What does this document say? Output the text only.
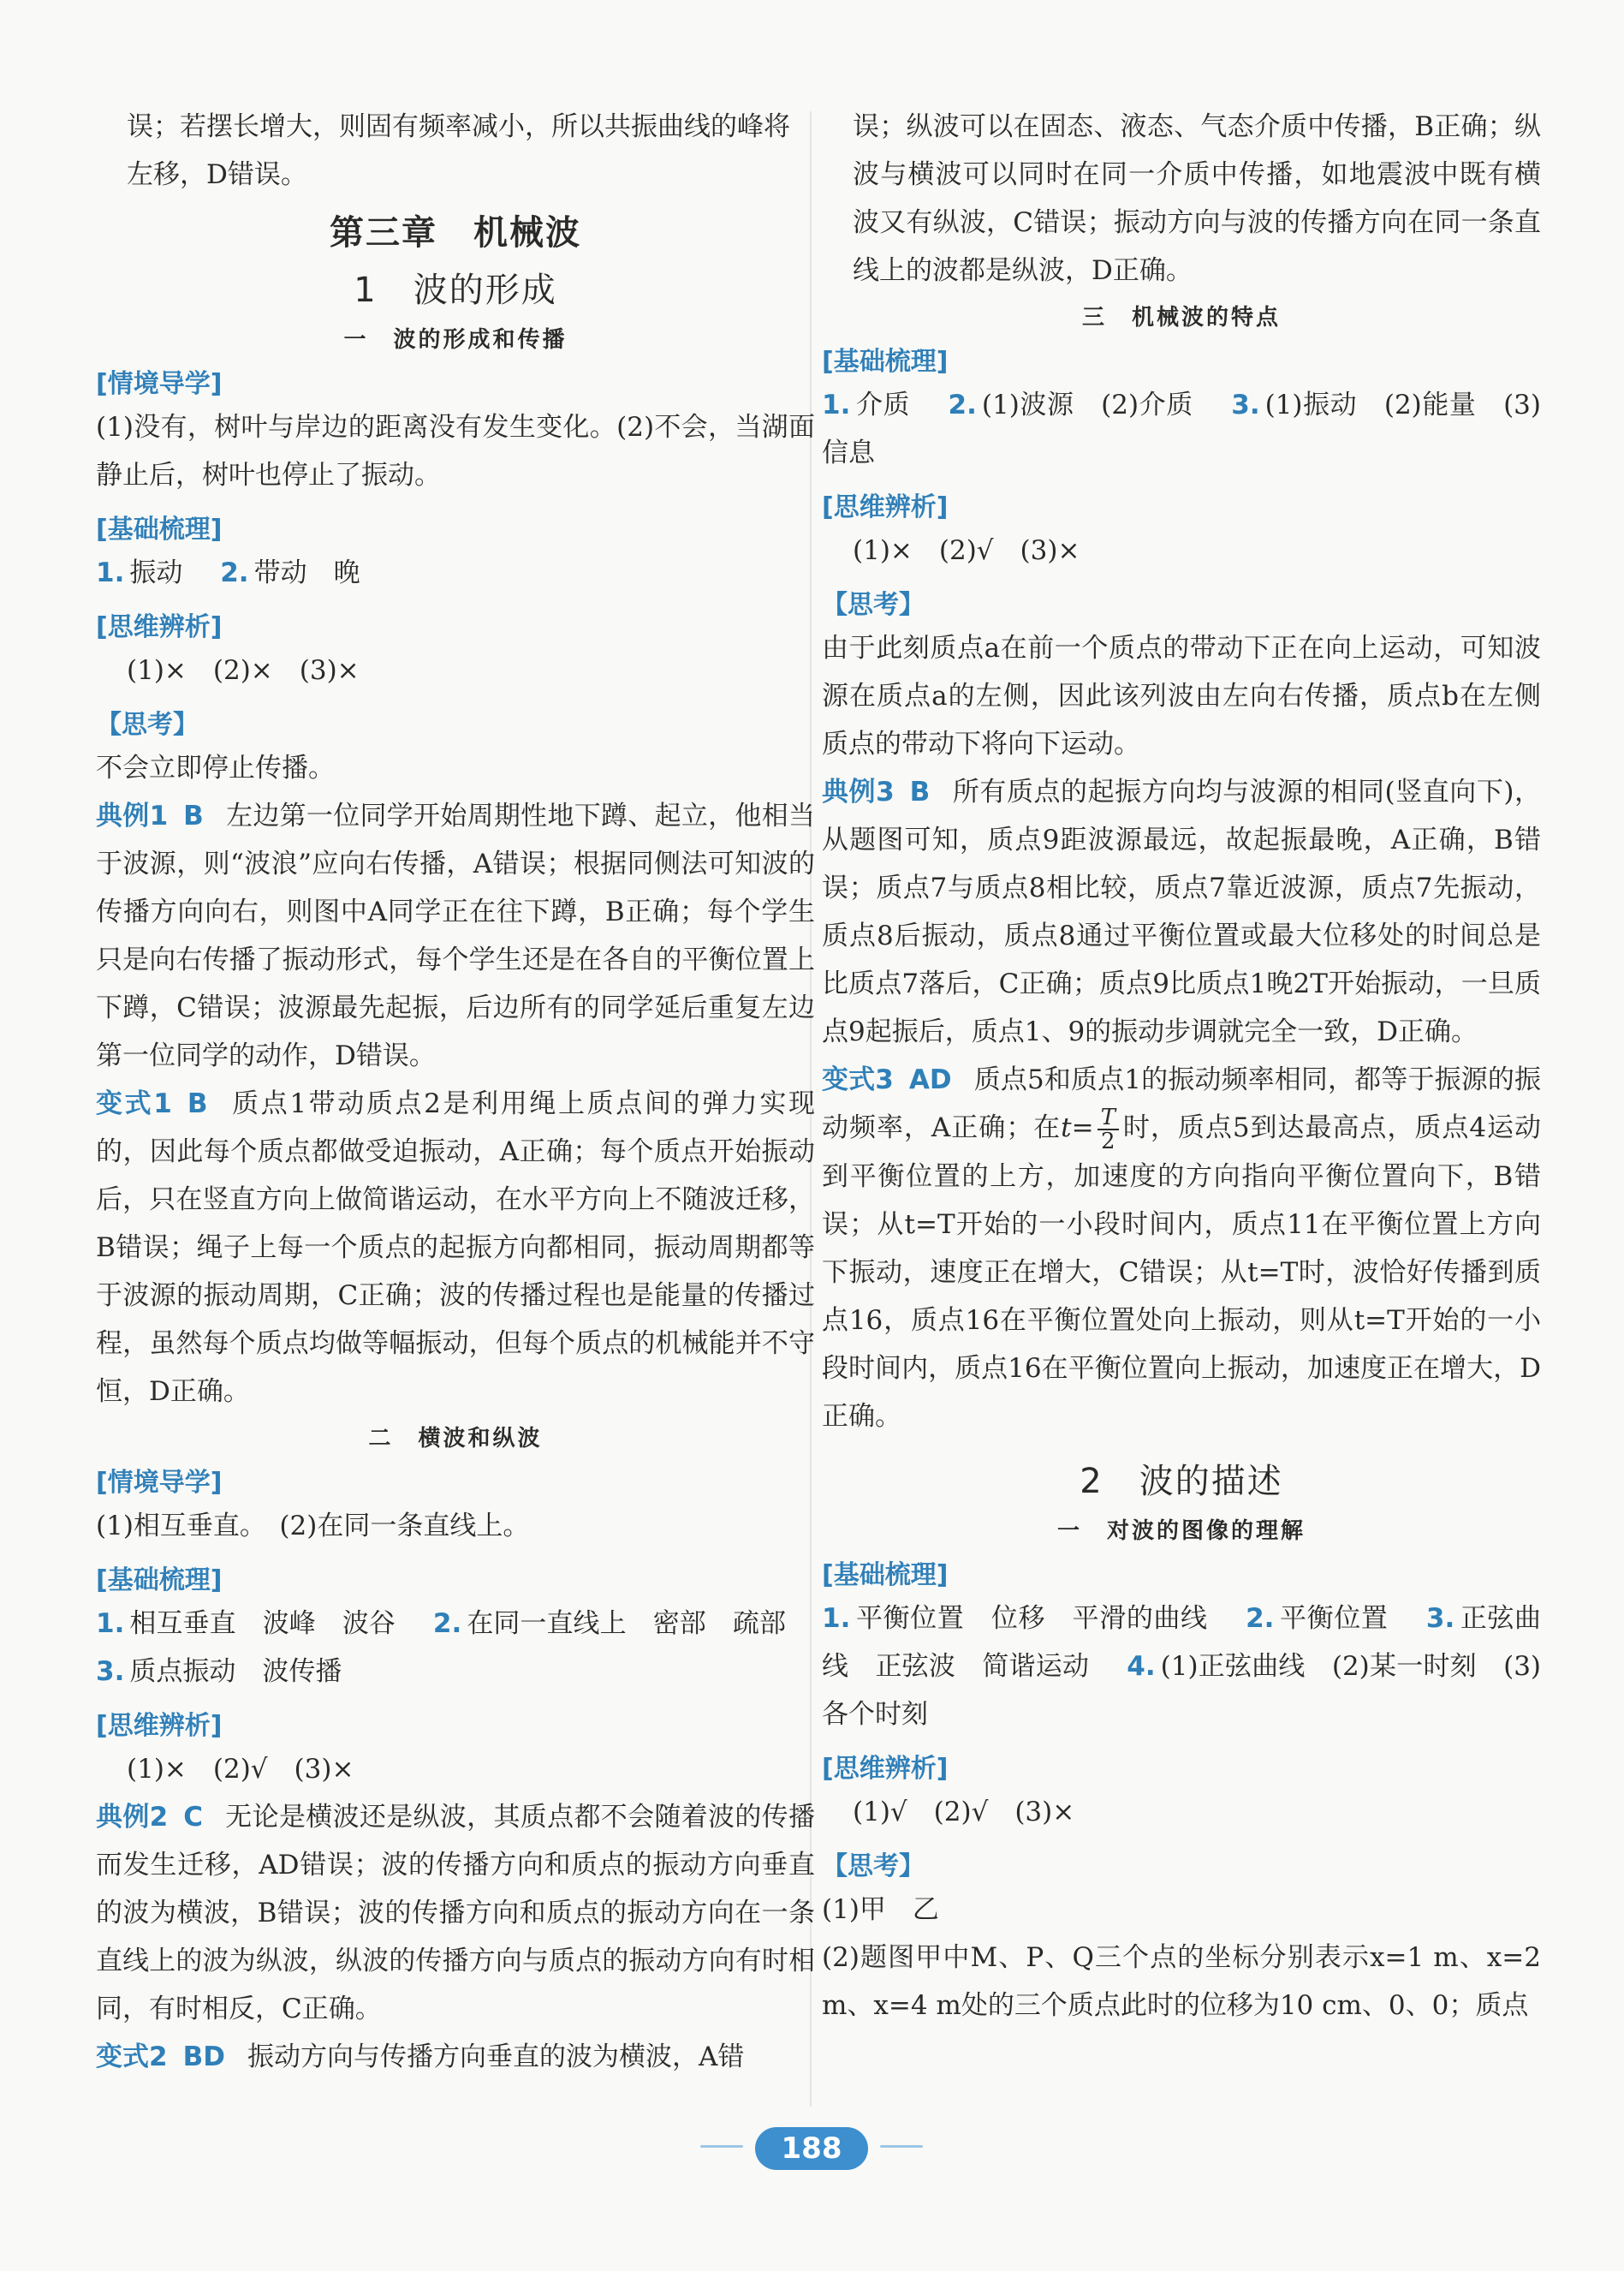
误；若摆长增大，则固有频率减小，所以共振曲线的峰将

左移，D错误。

第三章　机械波
1　波的形成
一　波的形成和传播
[情境导学]

(1)没有，树叶与岸边的距离没有发生变化。(2)不会，当湖面静止后，树叶也停止了振动。

[基础梳理]

1. 振动 2. 带动　晚

[思维辨析]

(1)×　(2)×　(3)×

【思考】

不会立即停止传播。

典例1 B 左边第一位同学开始周期性地下蹲、起立，他相当于波源，则“波浪”应向右传播，A错误；根据同侧法可知波的传播方向向右，则图中A同学正在往下蹲，B正确；每个学生只是向右传播了振动形式，每个学生还是在各自的平衡位置上下蹲，C错误；波源最先起振，后边所有的同学延后重复左边第一位同学的动作，D错误。

变式1 B 质点1带动质点2是利用绳上质点间的弹力实现的，因此每个质点都做受迫振动，A正确；每个质点开始振动后，只在竖直方向上做简谐运动，在水平方向上不随波迁移，B错误；绳子上每一个质点的起振方向都相同，振动周期都等于波源的振动周期，C正确；波的传播过程也是能量的传播过程，虽然每个质点均做等幅振动，但每个质点的机械能并不守恒，D正确。

二　横波和纵波
[情境导学]

(1)相互垂直。　(2)在同一条直线上。

[基础梳理]

1. 相互垂直　波峰　波谷 2. 在同一直线上　密部　疏部 3. 质点振动　波传播

[思维辨析]

(1)×　(2)√　(3)×

典例2 C 无论是横波还是纵波，其质点都不会随着波的传播而发生迁移，AD错误；波的传播方向和质点的振动方向垂直的波为横波，B错误；波的传播方向和质点的振动方向在一条直线上的波为纵波，纵波的传播方向与质点的振动方向有时相同，有时相反，C正确。

变式2 BD 振动方向与传播方向垂直的波为横波，A错

误；纵波可以在固态、液态、气态介质中传播，B正确；纵波与横波可以同时在同一介质中传播，如地震波中既有横波又有纵波，C错误；振动方向与波的传播方向在同一条直线上的波都是纵波，D正确。

三　机械波的特点
[基础梳理]

1. 介质 2. (1)波源　(2)介质 3. (1)振动　(2)能量　(3)信息

[思维辨析]

(1)×　(2)√　(3)×

【思考】

由于此刻质点a在前一个质点的带动下正在向上运动，可知波源在质点a的左侧，因此该列波由左向右传播，质点b在左侧质点的带动下将向下运动。

典例3 B 所有质点的起振方向均与波源的相同(竖直向下)，从题图可知，质点9距波源最远，故起振最晚，A正确，B错误；质点7与质点8相比较，质点7靠近波源，质点7先振动，质点8后振动，质点8通过平衡位置或最大位移处的时间总是比质点7落后，C正确；质点9比质点1晚2T开始振动，一旦质点9起振后，质点1、9的振动步调就完全一致，D正确。

变式3 AD 质点5和质点1的振动频率相同，都等于振源的振动频率，A正确；在$t= \frac{T}{2}$ 时，质点5到达最高点，质点4运动到平衡位置的上方，加速度的方向指向平衡位置向下，B错误；从t=T开始的一小段时间内，质点11在平衡位置上方向下振动，速度正在增大，C错误；从t=T时，波恰好传播到质点16，质点16在平衡位置处向上振动，则从t=T开始的一小段时间内，质点16在平衡位置向上振动，加速度正在增大，D正确。

2　波的描述
一　对波的图像的理解
[基础梳理]

1. 平衡位置　位移　平滑的曲线 2. 平衡位置 3. 正弦曲线　正弦波　简谐运动 4. (1)正弦曲线　(2)某一时刻　(3)各个时刻

[思维辨析]

(1)√　(2)√　(3)×

【思考】

(1)甲　乙

(2)题图甲中M、P、Q三个点的坐标分别表示x=1 m、x=2 m、x=4 m处的三个质点此时的位移为10 cm、0、0；质点

188
